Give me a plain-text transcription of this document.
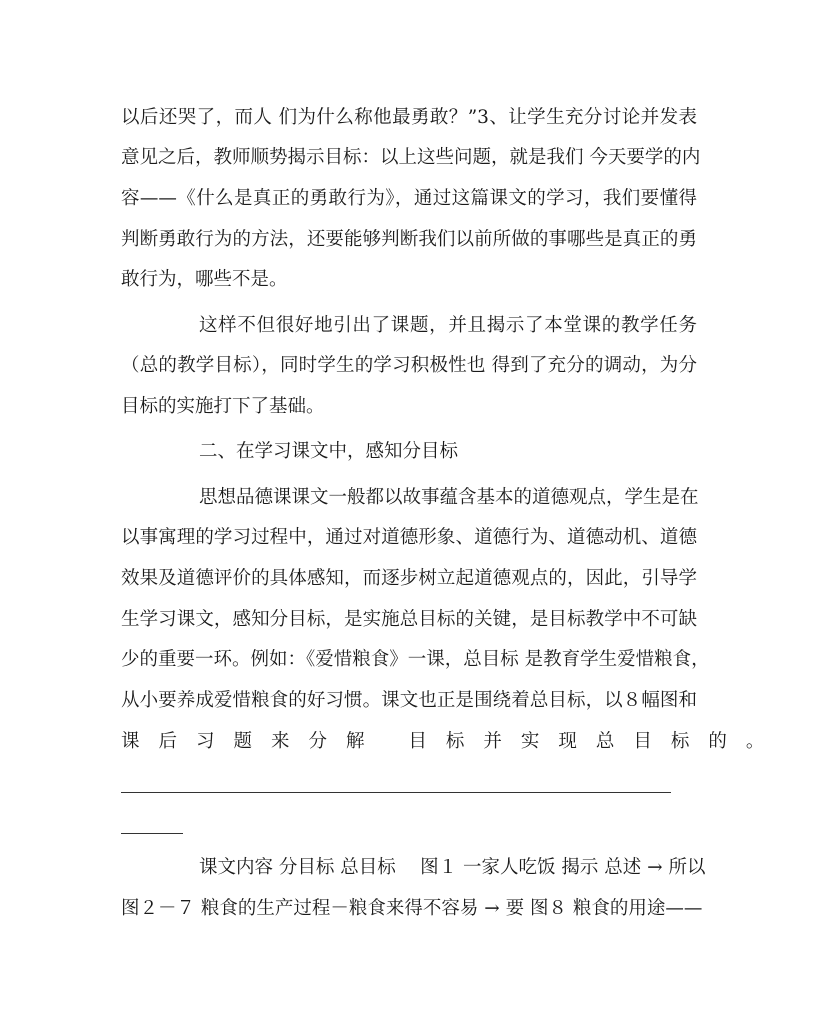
以后还哭了，而人 们为什么称他最勇敢？”3、让学生充分讨论并发表
意见之后，教师顺势揭示目标：以上这些问题，就是我们 今天要学的内
容——《什么是真正的勇敢行为》，通过这篇课文的学习，我们要懂得
判断勇敢行为的方法，还要能够判断我们以前所做的事哪些是真正的勇
敢行为，哪些不是。
这样不但很好地引出了课题，并且揭示了本堂课的教学任务
（总的教学目标），同时学生的学习积极性也 得到了充分的调动，为分
目标的实施打下了基础。
二、在学习课文中，感知分目标
思想品德课课文一般都以故事蕴含基本的道德观点，学生是在
以事寓理的学习过程中，通过对道德形象、道德行为、道德动机、道德
效果及道德评价的具体感知，而逐步树立起道德观点的，因此，引导学
生学习课文，感知分目标，是实施总目标的关键，是目标教学中不可缺
少的重要一环。例如：《爱惜粮食》一课，总目标 是教育学生爱惜粮食，
从小要养成爱惜粮食的好习惯。课文也正是围绕着总目标，以８幅图和
课后习题来分解 目标并实现总目标的。
课文内容 分目标 总目标　 图１ 一家人吃饭 揭示 总述 → 所以
图２－７ 粮食的生产过程－粮食来得不容易 → 要 图８ 粮食的用途——
